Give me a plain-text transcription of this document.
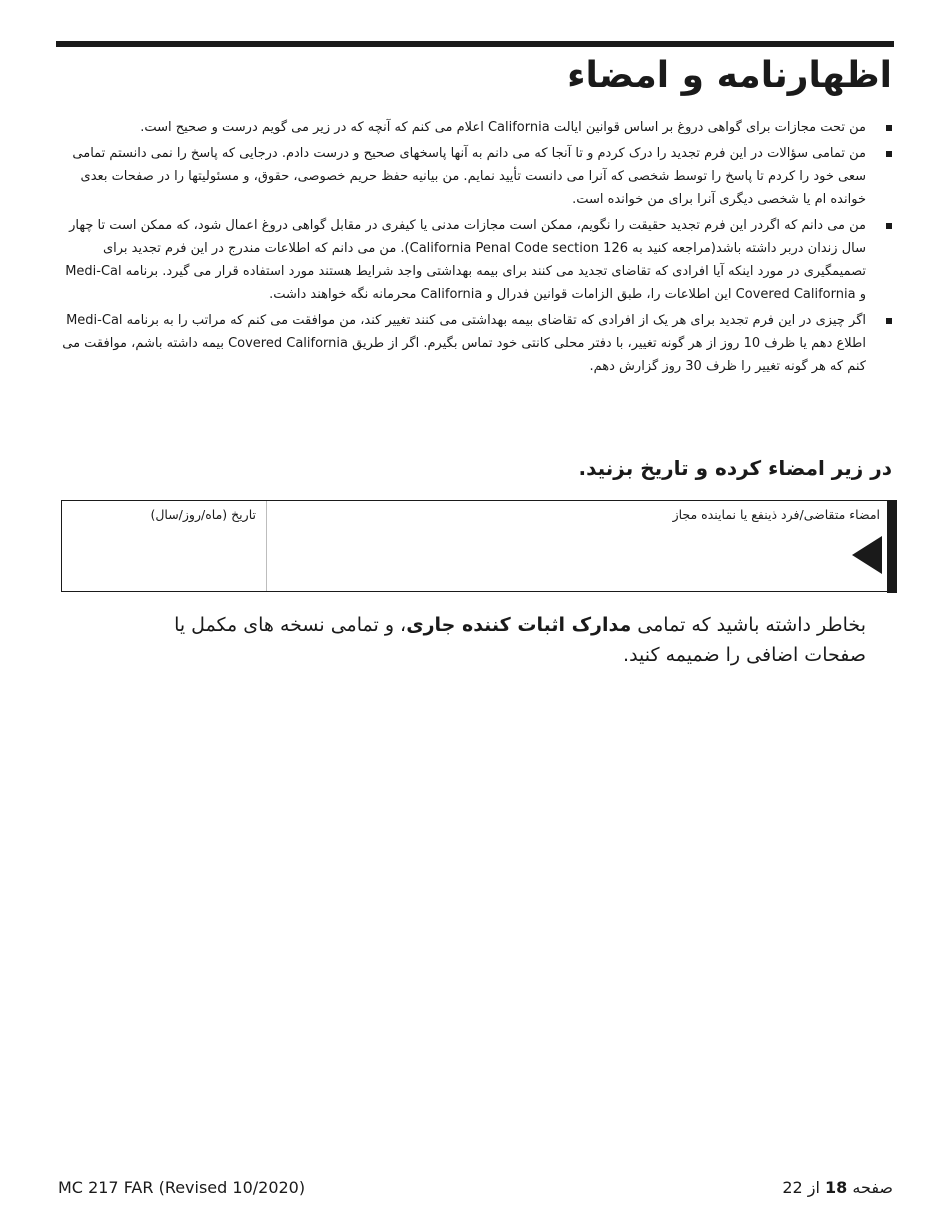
اظهارنامه و امضاء
من تحت مجازات برای گواهی دروغ بر اساس قوانین ایالت California اعلام می کنم که آنچه که در زیر می گویم درست و صحیح است.
من تمامی سؤالات در این فرم تجدید را درک کردم و تا آنجا که می دانم به آنها پاسخهای صحیح و درست دادم. درجایی که پاسخ را نمی دانستم تمامی سعی خود را کردم تا پاسخ را توسط شخصی که آنرا می دانست تأیید نمایم. من بیانیه حفظ حریم خصوصی، حقوق، و مسئولیتها را در صفحات بعدی خوانده ام یا شخصی دیگری آنرا برای من خوانده است.
من می دانم که اگردر این فرم تجدید حقیقت را نگویم، ممکن است مجازات مدنی یا کیفری در مقابل گواهی دروغ اعمال شود، که ممکن است تا چهار سال زندان دربر داشته باشد(مراجعه کنید به California Penal Code section 126). من می دانم که اطلاعات مندرج در این فرم تجدید برای تصمیمگیری در مورد اینکه آیا افرادی که تقاضای تجدید می کنند برای بیمه بهداشتی واجد شرایط هستند مورد استفاده قرار می گیرد. برنامه Medi-Cal و Covered California این اطلاعات را، طبق الزامات قوانین فدرال و California محرمانه نگه خواهند داشت.
اگر چیزی در این فرم تجدید برای هر یک از افرادی که تقاضای بیمه بهداشتی می کنند تغییر کند، من موافقت می کنم که مراتب را به برنامه Medi-Cal اطلاع دهم یا ظرف 10 روز از هر گونه تغییر، با دفتر محلی کانتی خود تماس بگیرم. اگر از طریق Covered California بیمه داشته باشم، موافقت می کنم که هر گونه تغییر را ظرف 30 روز گزارش دهم.
در زیر امضاء کرده و تاریخ بزنید.
امضاء متقاضی/فرد ذینفع یا نماینده مجاز
تاریخ (ماه/روز/سال)

بخاطر داشته باشید که تمامی مدارک اثبات کننده جاری، و تمامی نسخه های مکمل یا صفحات اضافی را ضمیمه کنید.

MC 217 FAR (Revised 10/2020)	صفحه 18 از 22
